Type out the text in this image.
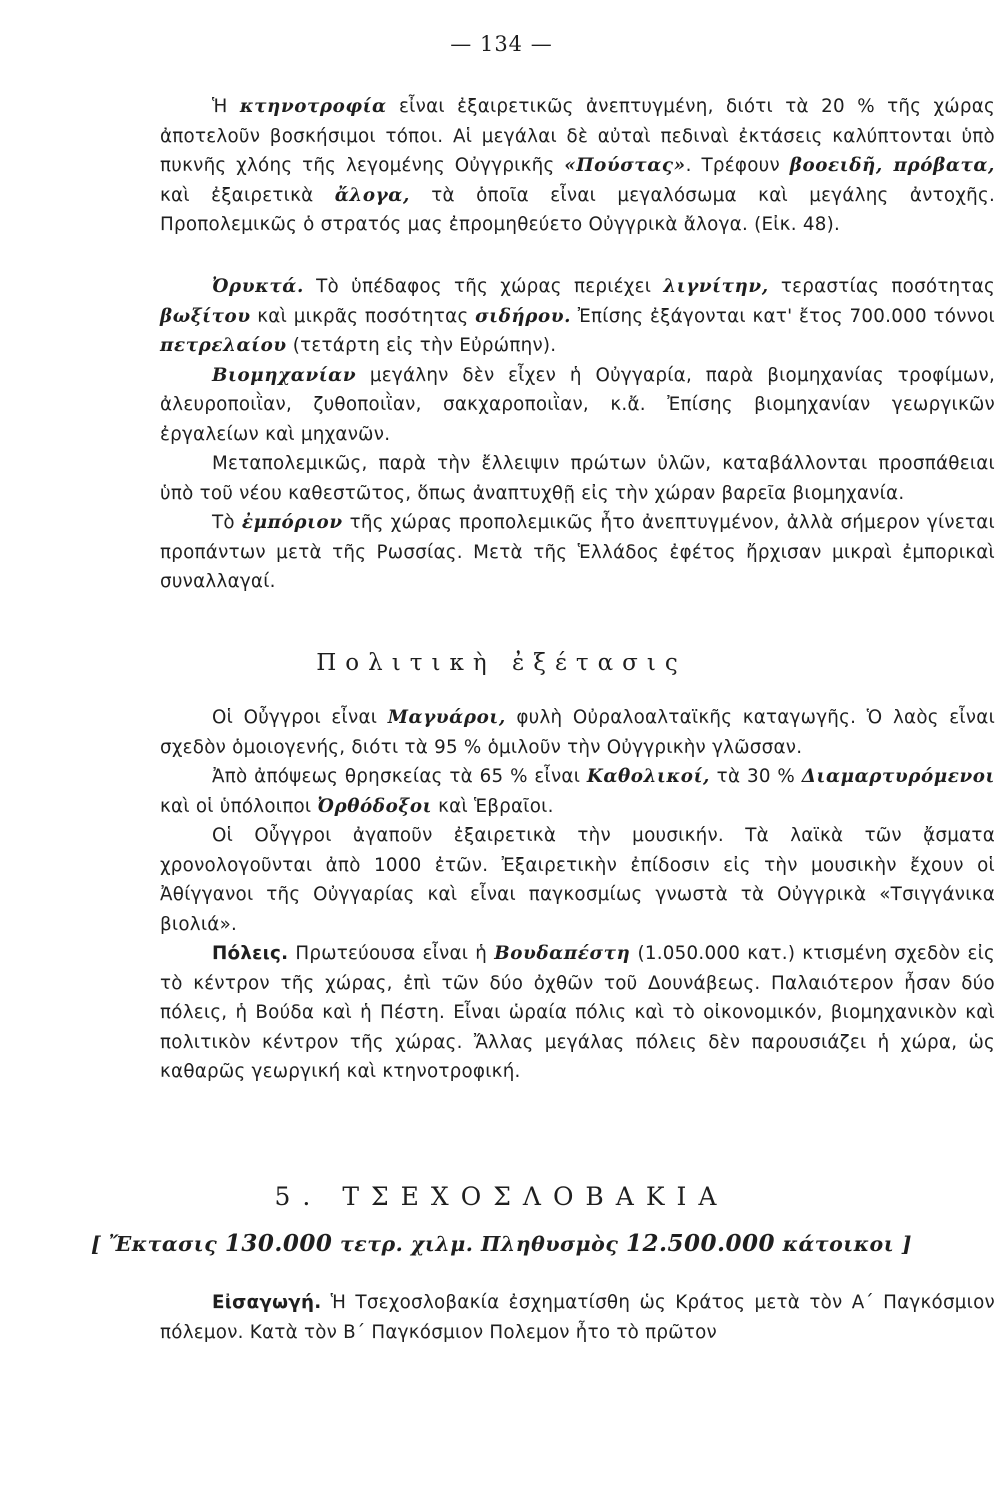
— 134 —

Ἡ κτηνοτροφία εἶναι ἐξαιρετικῶς ἀνεπτυγμένη, διότι τὰ 20 % τῆς χώρας ἀποτελοῦν βοσκήσιμοι τόποι. Αἱ μεγάλαι δὲ αὐταὶ πεδιναὶ ἐκτάσεις καλύπτονται ὑπὸ πυκνῆς χλόης τῆς λεγομένης Οὐγγρικῆς «Πούστας». Τρέφουν βοοειδῆ, πρόβατα, καὶ ἐξαιρετικὰ ἄλογα, τὰ ὁποῖα εἶναι μεγαλόσωμα καὶ μεγάλης ἀντοχῆς. Προπολεμικῶς ὁ στρατός μας ἐπρομηθεύετο Οὐγγρικὰ ἄλογα. (Εἰκ. 48).

Ὀρυκτά. Τὸ ὑπέδαφος τῆς χώρας περιέχει λιγνίτην, τεραστίας ποσότητας βωξίτου καὶ μικρᾶς ποσότητας σιδήρου. Ἐπίσης ἐξάγονται κατ' ἔτος 700.000 τόννοι πετρελαίου (τετάρτη εἰς τὴν Εὐρώπην).

Βιομηχανίαν μεγάλην δὲν εἶχεν ἡ Οὐγγαρία, παρὰ βιομηχανίας τροφίμων, ἀλευροποιῒαν, ζυθοποιῒαν, σακχαροποιῒαν, κ.ἄ. Ἐπίσης βιομηχανίαν γεωργικῶν ἐργαλείων καὶ μηχανῶν.

Μεταπολεμικῶς, παρὰ τὴν ἔλλειψιν πρώτων ὑλῶν, καταβάλλονται προσπάθειαι ὑπὸ τοῦ νέου καθεστῶτος, ὅπως ἀναπτυχθῇ εἰς τὴν χώραν βαρεῖα βιομηχανία.

Τὸ ἐμπόριον τῆς χώρας προπολεμικῶς ἦτο ἀνεπτυγμένον, ἀλλὰ σήμερον γίνεται προπάντων μετὰ τῆς Ρωσσίας. Μετὰ τῆς Ἑλλάδος ἐφέτος ἤρχισαν μικραὶ ἐμπορικαὶ συναλλαγαί.

Πολιτικὴ ἐξέτασις

Οἱ Οὖγγροι εἶναι Μαγυάροι, φυλὴ Οὐραλοαλταϊκῆς καταγωγῆς. Ὁ λαὸς εἶναι σχεδὸν ὁμοιογενής, διότι τὰ 95 % ὁμιλοῦν τὴν Οὐγγρικὴν γλῶσσαν.

Ἀπὸ ἀπόψεως θρησκείας τὰ 65 % εἶναι Καθολικοί, τὰ 30 % Διαμαρτυρόμενοι καὶ οἱ ὑπόλοιποι Ὀρθόδοξοι καὶ Ἑβραῖοι.

Οἱ Οὖγγροι ἀγαποῦν ἐξαιρετικὰ τὴν μουσικήν. Τὰ λαϊκὰ τῶν ᾄσματα χρονολογοῦνται ἀπὸ 1000 ἐτῶν. Ἐξαιρετικὴν ἐπίδοσιν εἰς τὴν μουσικὴν ἔχουν οἱ Ἀθίγγανοι τῆς Οὐγγαρίας καὶ εἶναι παγκοσμίως γνωστὰ τὰ Οὐγγρικὰ «Τσιγγάνικα βιολιά».

Πόλεις. Πρωτεύουσα εἶναι ἡ Βουδαπέστη (1.050.000 κατ.) κτισμένη σχεδὸν εἰς τὸ κέντρον τῆς χώρας, ἐπὶ τῶν δύο ὀχθῶν τοῦ Δουνάβεως. Παλαιότερον ἦσαν δύο πόλεις, ἡ Βούδα καὶ ἡ Πέστη. Εἶναι ὡραία πόλις καὶ τὸ οἰκονομικόν, βιομηχανικὸν καὶ πολιτικὸν κέντρον τῆς χώρας. Ἄλλας μεγάλας πόλεις δὲν παρουσιάζει ἡ χώρα, ὡς καθαρῶς γεωργική καὶ κτηνοτροφική.

5. ΤΣΕΧΟΣΛΟΒΑΚΙΑ
[ Ἔκτασις 130.000 τετρ. χιλμ. Πληθυσμὸς 12.500.000 κάτοικοι ]

Εἰσαγωγή. Ἡ Τσεχοσλοβακία ἐσχηματίσθη ὡς Κράτος μετὰ τὸν Α΄ Παγκόσμιον πόλεμον. Κατὰ τὸν Β΄ Παγκόσμιον Πολεμον ἦτο τὸ πρῶτον
